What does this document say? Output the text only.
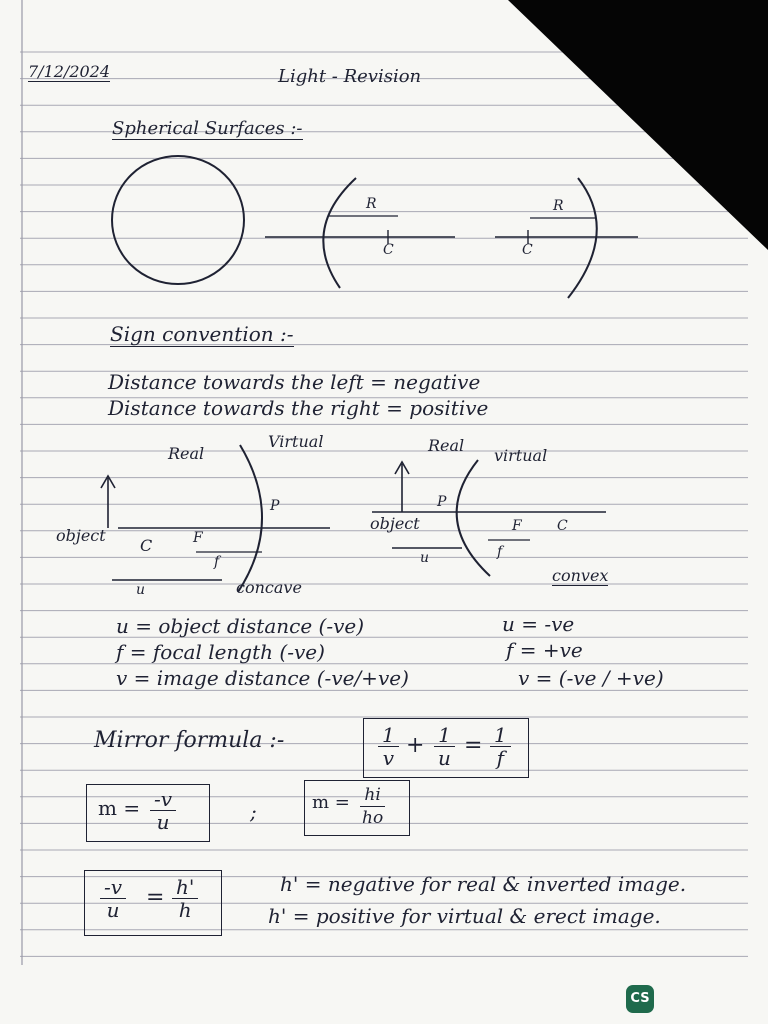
7/12/2024	Light - Revision
Spherical Surfaces :-
R
C	C
R
Sign convention :-
Distance towards the left = negative
Distance towards the right = positive
Real
Virtual
object
C	F
P
f
u	concave
Real
virtual
object
P
F	C
u	f
convex
u = object distance (-ve)
f = focal length (-ve)
v = image distance (-ve/+ve)
u = -ve
f = +ve
v = (-ve / +ve)
Mirror formula :-	$\frac{1}{v} + \frac{1}{u} = \frac{1}{f}$
$m = \frac{-v}{u}$	;	$m = \frac{hi}{ho}$
$\frac{-v}{u} = \frac{h'}{h}$	h' = negative for real & inverted image.
h' = positive for virtual & erect image.
CS
